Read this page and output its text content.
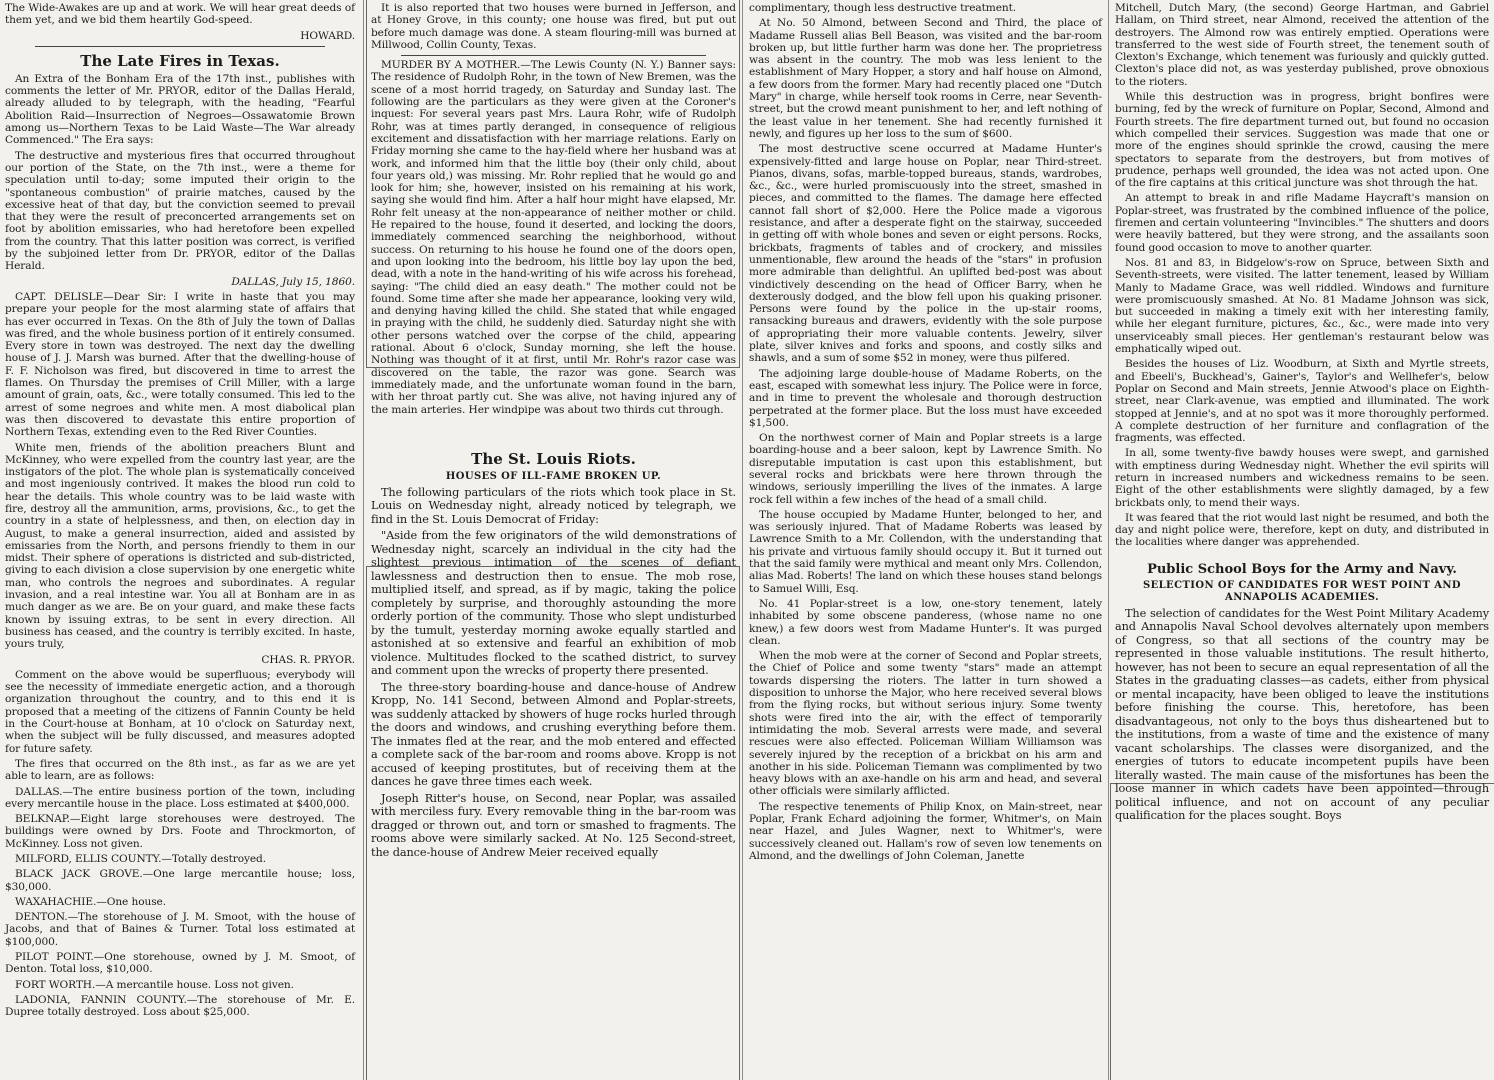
The Wide-Awakes are up and at work. We will hear great deeds of them yet, and we bid them heartily God-speed.

HOWARD.

The Late Fires in Texas.

An Extra of the Bonham Era of the 17th inst., publishes with comments the letter of Mr. PRYOR, editor of the Dallas Herald, already alluded to by telegraph, with the heading, "Fearful Abolition Raid—Insurrection of Negroes—Ossawatomie Brown among us—Northern Texas to be Laid Waste—The War already Commenced." The Era says:

The destructive and mysterious fires that occurred throughout our portion of the State, on the 7th inst., were a theme for speculation until to-day; some imputed their origin to the "spontaneous combustion" of prairie matches, caused by the excessive heat of that day, but the conviction seemed to prevail that they were the result of preconcerted arrangements set on foot by abolition emissaries, who had heretofore been expelled from the country. That this latter position was correct, is verified by the subjoined letter from Dr. PRYOR, editor of the Dallas Herald.

DALLAS, July 15, 1860.

CAPT. DELISLE—Dear Sir: I write in haste that you may prepare your people for the most alarming state of affairs that has ever occurred in Texas. On the 8th of July the town of Dallas was fired, and the whole business portion of it entirely consumed. Every store in town was destroyed. The next day the dwelling house of J. J. Marsh was burned. After that the dwelling-house of F. F. Nicholson was fired, but discovered in time to arrest the flames. On Thursday the premises of Crill Miller, with a large amount of grain, oats, &c., were totally consumed. This led to the arrest of some negroes and white men. A most diabolical plan was then discovered to devastate this entire proportion of Northern Texas, extending even to the Red River Counties.

White men, friends of the abolition preachers Blunt and McKinney, who were expelled from the country last year, are the instigators of the plot. The whole plan is systematically conceived and most ingeniously contrived. It makes the blood run cold to hear the details. This whole country was to be laid waste with fire, destroy all the ammunition, arms, provisions, &c., to get the country in a state of helplessness, and then, on election day in August, to make a general insurrection, aided and assisted by emissaries from the North, and persons friendly to them in our midst. Their sphere of operations is districted and sub-districted, giving to each division a close supervision by one energetic white man, who controls the negroes and subordinates. A regular invasion, and a real intestine war. You all at Bonham are in as much danger as we are. Be on your guard, and make these facts known by issuing extras, to be sent in every direction. All business has ceased, and the country is terribly excited. In haste, yours truly,

CHAS. R. PRYOR.

Comment on the above would be superfluous; everybody will see the necessity of immediate energetic action, and a thorough organization throughout the country, and to this end it is proposed that a meeting of the citizens of Fannin County be held in the Court-house at Bonham, at 10 o'clock on Saturday next, when the subject will be fully discussed, and measures adopted for future safety.

The fires that occurred on the 8th inst., as far as we are yet able to learn, are as follows:

DALLAS.—The entire business portion of the town, including every mercantile house in the place. Loss estimated at $400,000.

BELKNAP.—Eight large storehouses were destroyed. The buildings were owned by Drs. Foote and Throckmorton, of McKinney. Loss not given.

MILFORD, ELLIS COUNTY.—Totally destroyed.

BLACK JACK GROVE.—One large mercantile house; loss, $30,000.

WAXAHACHIE.—One house.

DENTON.—The storehouse of J. M. Smoot, with the house of Jacobs, and that of Baines & Turner. Total loss estimated at $100,000.

PILOT POINT.—One storehouse, owned by J. M. Smoot, of Denton. Total loss, $10,000.

FORT WORTH.—A mercantile house. Loss not given.

LADONIA, FANNIN COUNTY.—The storehouse of Mr. E. Dupree totally destroyed. Loss about $25,000.

It is also reported that two houses were burned in Jefferson, and at Honey Grove, in this county; one house was fired, but put out before much damage was done. A steam flouring-mill was burned at Millwood, Collin County, Texas.

MURDER BY A MOTHER.—The Lewis County (N. Y.) Banner says: The residence of Rudolph Rohr, in the town of New Bremen, was the scene of a most horrid tragedy, on Saturday and Sunday last. The following are the particulars as they were given at the Coroner's inquest: For several years past Mrs. Laura Rohr, wife of Rudolph Rohr, was at times partly deranged, in consequence of religious excitement and dissatisfaction with her marriage relations. Early on Friday morning she came to the hay-field where her husband was at work, and informed him that the little boy (their only child, about four years old,) was missing. Mr. Rohr replied that he would go and look for him; she, however, insisted on his remaining at his work, saying she would find him. After a half hour might have elapsed, Mr. Rohr felt uneasy at the non-appearance of neither mother or child. He repaired to the house, found it deserted, and locking the doors, immediately commenced searching the neighborhood, without success. On returning to his house he found one of the doors open, and upon looking into the bedroom, his little boy lay upon the bed, dead, with a note in the hand-writing of his wife across his forehead, saying: "The child died an easy death." The mother could not be found. Some time after she made her appearance, looking very wild, and denying having killed the child. She stated that while engaged in praying with the child, he suddenly died. Saturday night she with other persons watched over the corpse of the child, appearing rational. About 6 o'clock, Sunday morning, she left the house. Nothing was thought of it at first, until Mr. Rohr's razor case was discovered on the table, the razor was gone. Search was immediately made, and the unfortunate woman found in the barn, with her throat partly cut. She was alive, not having injured any of the main arteries. Her windpipe was about two thirds cut through.

The St. Louis Riots.
HOUSES OF ILL-FAME BROKEN UP.

The following particulars of the riots which took place in St. Louis on Wednesday night, already noticed by telegraph, we find in the St. Louis Democrat of Friday:

"Aside from the few originators of the wild demonstrations of Wednesday night, scarcely an individual in the city had the slightest previous intimation of the scenes of defiant lawlessness and destruction then to ensue. The mob rose, multiplied itself, and spread, as if by magic, taking the police completely by surprise, and thoroughly astounding the more orderly portion of the community. Those who slept undisturbed by the tumult, yesterday morning awoke equally startled and astonished at so extensive and fearful an exhibition of mob violence. Multitudes flocked to the scathed district, to survey and comment upon the wrecks of property there presented.

The three-story boarding-house and dance-house of Andrew Kropp, No. 141 Second, between Almond and Poplar-streets, was suddenly attacked by showers of huge rocks hurled through the doors and windows, and crushing everything before them. The inmates fled at the rear, and the mob entered and effected a complete sack of the bar-room and rooms above. Kropp is not accused of keeping prostitutes, but of receiving them at the dances he gave three times each week.

Joseph Ritter's house, on Second, near Poplar, was assailed with merciless fury. Every removable thing in the bar-room was dragged or thrown out, and torn or smashed to fragments. The rooms above were similarly sacked. At No. 125 Second-street, the dance-house of Andrew Meier received equally

complimentary, though less destructive treatment.

At No. 50 Almond, between Second and Third, the place of Madame Russell alias Bell Beason, was visited and the bar-room broken up, but little further harm was done her. The proprietress was absent in the country. The mob was less lenient to the establishment of Mary Hopper, a story and half house on Almond, a few doors from the former. Mary had recently placed one "Dutch Mary" in charge, while herself took rooms in Cerre, near Seventh-street, but the crowd meant punishment to her, and left nothing of the least value in her tenement. She had recently furnished it newly, and figures up her loss to the sum of $600.

The most destructive scene occurred at Madame Hunter's expensively-fitted and large house on Poplar, near Third-street. Pianos, divans, sofas, marble-topped bureaus, stands, wardrobes, &c., &c., were hurled promiscuously into the street, smashed in pieces, and committed to the flames. The damage here effected cannot fall short of $2,000. Here the Police made a vigorous resistance, and after a desperate fight on the stairway, succeeded in getting off with whole bones and seven or eight persons. Rocks, brickbats, fragments of tables and of crockery, and missiles unmentionable, flew around the heads of the "stars" in profusion more admirable than delightful. An uplifted bed-post was about vindictively descending on the head of Officer Barry, when he dexterously dodged, and the blow fell upon his quaking prisoner. Persons were found by the police in the up-stair rooms, ransacking bureaus and drawers, evidently with the sole purpose of appropriating their more valuable contents. Jewelry, silver plate, silver knives and forks and spoons, and costly silks and shawls, and a sum of some $52 in money, were thus pilfered.

The adjoining large double-house of Madame Roberts, on the east, escaped with somewhat less injury. The Police were in force, and in time to prevent the wholesale and thorough destruction perpetrated at the former place. But the loss must have exceeded $1,500.

On the northwest corner of Main and Poplar streets is a large boarding-house and a beer saloon, kept by Lawrence Smith. No disreputable imputation is cast upon this establishment, but several rocks and brickbats were here thrown through the windows, seriously imperilling the lives of the inmates. A large rock fell within a few inches of the head of a small child.

The house occupied by Madame Hunter, belonged to her, and was seriously injured. That of Madame Roberts was leased by Lawrence Smith to a Mr. Collendon, with the understanding that his private and virtuous family should occupy it. But it turned out that the said family were mythical and meant only Mrs. Collendon, alias Mad. Roberts! The land on which these houses stand belongs to Samuel Willi, Esq.

No. 41 Poplar-street is a low, one-story tenement, lately inhabited by some obscene panderess, (whose name no one knew,) a few doors west from Madame Hunter's. It was purged clean.

When the mob were at the corner of Second and Poplar streets, the Chief of Police and some twenty "stars" made an attempt towards dispersing the rioters. The latter in turn showed a disposition to unhorse the Major, who here received several blows from the flying rocks, but without serious injury. Some twenty shots were fired into the air, with the effect of temporarily intimidating the mob. Several arrests were made, and several rescues were also effected. Policeman William Williamson was severely injured by the reception of a brickbat on his arm and another in his side. Policeman Tiemann was complimented by two heavy blows with an axe-handle on his arm and head, and several other officials were similarly afflicted.

The respective tenements of Philip Knox, on Main-street, near Poplar, Frank Echard adjoining the former, Whitmer's, on Main near Hazel, and Jules Wagner, next to Whitmer's, were successively cleaned out. Hallam's row of seven low tenements on Almond, and the dwellings of John Coleman, Janette

Mitchell, Dutch Mary, (the second) George Hartman, and Gabriel Hallam, on Third street, near Almond, received the attention of the destroyers. The Almond row was entirely emptied. Operations were transferred to the west side of Fourth street, the tenement south of Clexton's Exchange, which tenement was furiously and quickly gutted. Clexton's place did not, as was yesterday published, prove obnoxious to the rioters.

While this destruction was in progress, bright bonfires were burning, fed by the wreck of furniture on Poplar, Second, Almond and Fourth streets. The fire department turned out, but found no occasion which compelled their services. Suggestion was made that one or more of the engines should sprinkle the crowd, causing the mere spectators to separate from the destroyers, but from motives of prudence, perhaps well grounded, the idea was not acted upon. One of the fire captains at this critical juncture was shot through the hat.

An attempt to break in and rifle Madame Haycraft's mansion on Poplar-street, was frustrated by the combined influence of the police, firemen and certain volunteering "Invincibles." The shutters and doors were heavily battered, but they were strong, and the assailants soon found good occasion to move to another quarter.

Nos. 81 and 83, in Bidgelow's-row on Spruce, between Sixth and Seventh-streets, were visited. The latter tenement, leased by William Manly to Madame Grace, was well riddled. Windows and furniture were promiscuously smashed. At No. 81 Madame Johnson was sick, but succeeded in making a timely exit with her interesting family, while her elegant furniture, pictures, &c., &c., were made into very unserviceably small pieces. Her gentleman's restaurant below was emphatically wiped out.

Besides the houses of Liz. Woodburn, at Sixth and Myrtle streets, and Ebeeli's, Buckhead's, Gainer's, Taylor's and Wellhefer's, below Poplar on Second and Main streets, Jennie Atwood's place on Eighth-street, near Clark-avenue, was emptied and illuminated. The work stopped at Jennie's, and at no spot was it more thoroughly performed. A complete destruction of her furniture and conflagration of the fragments, was effected.

In all, some twenty-five bawdy houses were swept, and garnished with emptiness during Wednesday night. Whether the evil spirits will return in increased numbers and wickedness remains to be seen. Eight of the other establishments were slightly damaged, by a few brickbats only, to mend their ways.

It was feared that the riot would last night be resumed, and both the day and night police were, therefore, kept on duty, and distributed in the localities where danger was apprehended.

Public School Boys for the Army and Navy.
SELECTION OF CANDIDATES FOR WEST POINT AND ANNAPOLIS ACADEMIES.

The selection of candidates for the West Point Military Academy and Annapolis Naval School devolves alternately upon members of Congress, so that all sections of the country may be represented in those valuable institutions. The result hitherto, however, has not been to secure an equal representation of all the States in the graduating classes—as cadets, either from physical or mental incapacity, have been obliged to leave the institutions before finishing the course. This, heretofore, has been disadvantageous, not only to the boys thus disheartened but to the institutions, from a waste of time and the existence of many vacant scholarships. The classes were disorganized, and the energies of tutors to educate incompetent pupils have been literally wasted. The main cause of the misfortunes has been the loose manner in which cadets have been appointed—through political influence, and not on account of any peculiar qualification for the places sought. Boys
